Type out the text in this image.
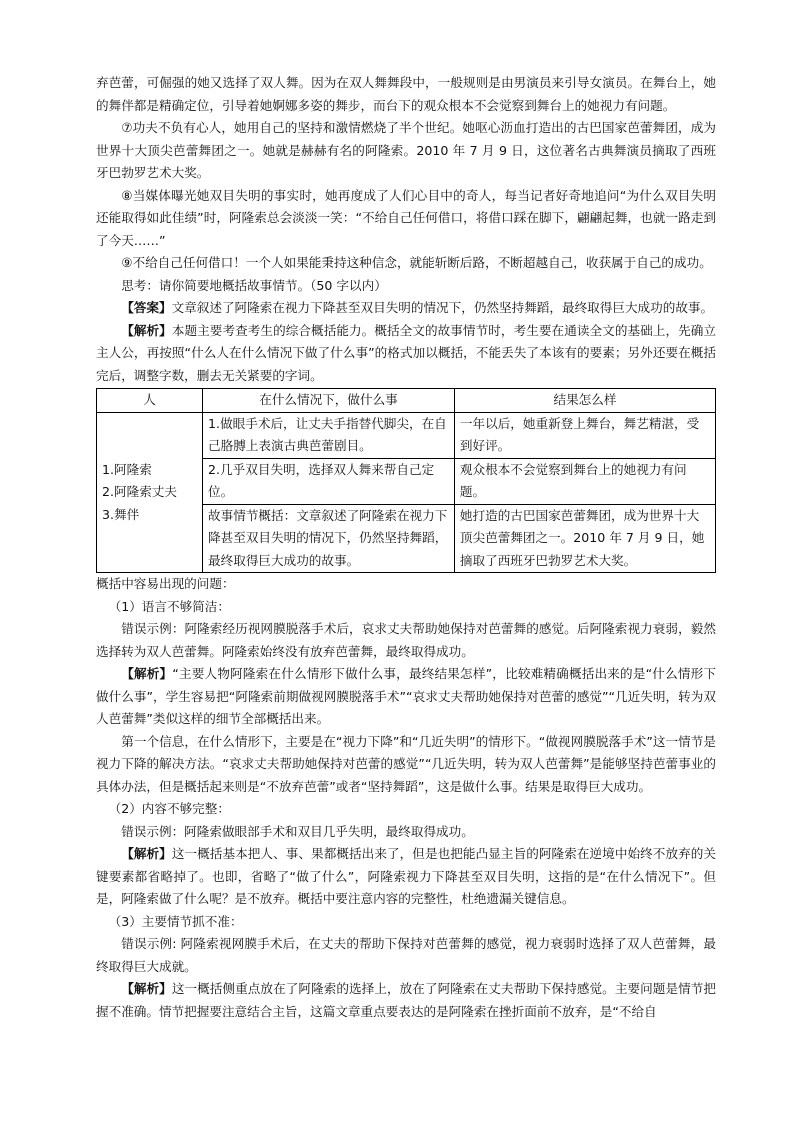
弃芭蕾，可倔强的她又选择了双人舞。因为在双人舞舞段中，一般规则是由男演员来引导女演员。在舞台上，她的舞伴都是精确定位，引导着她婀娜多姿的舞步，而台下的观众根本不会觉察到舞台上的她视力有问题。

⑦功夫不负有心人，她用自己的坚持和激情燃烧了半个世纪。她呕心沥血打造出的古巴国家芭蕾舞团，成为世界十大顶尖芭蕾舞团之一。她就是赫赫有名的阿隆索。2010 年 7 月 9 日，这位著名古典舞演员摘取了西班牙巴勃罗艺术大奖。

⑧当媒体曝光她双目失明的事实时，她再度成了人们心目中的奇人，每当记者好奇地追问“为什么双目失明还能取得如此佳绩”时，阿隆索总会淡淡一笑：“不给自己任何借口，将借口踩在脚下，翩翩起舞，也就一路走到了今天……”

⑨不给自己任何借口！一个人如果能秉持这种信念，就能斩断后路，不断超越自己，收获属于自己的成功。

思考：请你简要地概括故事情节。（50 字以内）

【答案】文章叙述了阿隆索在视力下降甚至双目失明的情况下，仍然坚持舞蹈，最终取得巨大成功的故事。

【解析】本题主要考查考生的综合概括能力。概括全文的故事情节时，考生要在通读全文的基础上，先确立主人公，再按照“什么人在什么情况下做了什么事”的格式加以概括，不能丢失了本该有的要素；另外还要在概括完后，调整字数，删去无关紧要的字词。

人	在什么情况下，做什么事	结果怎么样

1.阿隆索
2.阿隆索丈夫
3.舞伴	1.做眼手术后，让丈夫手指替代脚尖，在自己胳膊上表演古典芭蕾剧目。	一年以后，她重新登上舞台，舞艺精湛，受到好评。
	2.几乎双目失明，选择双人舞来帮自己定位。	观众根本不会觉察到舞台上的她视力有问题。
	故事情节概括：文章叙述了阿隆索在视力下降甚至双目失明的情况下，仍然坚持舞蹈，最终取得巨大成功的故事。	她打造的古巴国家芭蕾舞团，成为世界十大顶尖芭蕾舞团之一。2010 年 7 月 9 日，她摘取了西班牙巴勃罗艺术大奖。

概括中容易出现的问题：

（1）语言不够简洁：

错误示例：阿隆索经历视网膜脱落手术后，哀求丈夫帮助她保持对芭蕾舞的感觉。后阿隆索视力衰弱，毅然选择转为双人芭蕾舞。阿隆索始终没有放弃芭蕾舞，最终取得成功。

【解析】“主要人物阿隆索在什么情形下做什么事，最终结果怎样”，比较难精确概括出来的是“什么情形下做什么事”，学生容易把“阿隆索前期做视网膜脱落手术”“哀求丈夫帮助她保持对芭蕾的感觉”“几近失明，转为双人芭蕾舞”类似这样的细节全部概括出来。

第一个信息，在什么情形下，主要是在“视力下降”和“几近失明”的情形下。“做视网膜脱落手术”这一情节是视力下降的解决方法。“哀求丈夫帮助她保持对芭蕾的感觉”“几近失明，转为双人芭蕾舞”是能够坚持芭蕾事业的具体办法，但是概括起来则是“不放弃芭蕾”或者“坚持舞蹈”，这是做什么事。结果是取得巨大成功。

（2）内容不够完整：

错误示例：阿隆索做眼部手术和双目几乎失明，最终取得成功。

【解析】这一概括基本把人、事、果都概括出来了，但是也把能凸显主旨的阿隆索在逆境中始终不放弃的关键要素都省略掉了。也即，省略了“做了什么”，阿隆索视力下降甚至双目失明，这指的是“在什么情况下”。但是，阿隆索做了什么呢？是不放弃。概括中要注意内容的完整性，杜绝遗漏关键信息。

（3）主要情节抓不准：

错误示例: 阿隆索视网膜手术后，在丈夫的帮助下保持对芭蕾舞的感觉，视力衰弱时选择了双人芭蕾舞，最终取得巨大成就。

【解析】这一概括侧重点放在了阿隆索的选择上，放在了阿隆索在丈夫帮助下保持感觉。主要问题是情节把握不准确。情节把握要注意结合主旨，这篇文章重点要表达的是阿隆索在挫折面前不放弃，是“不给自
